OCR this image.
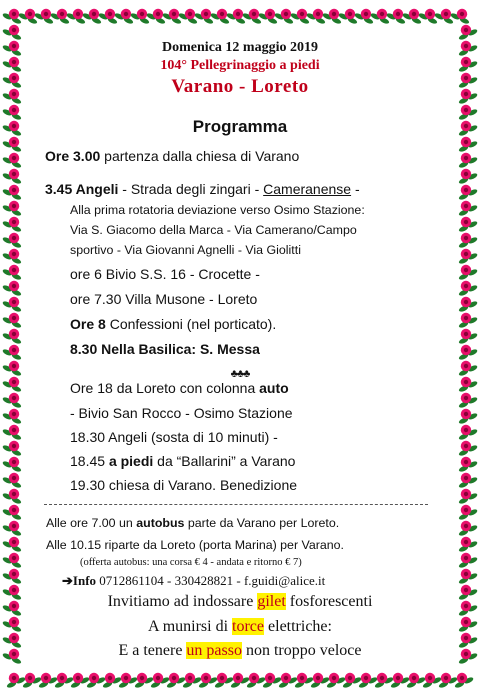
Domenica 12 maggio 2019
104° Pellegrinaggio a piedi
Varano - Loreto
Programma
Ore 3.00 partenza dalla chiesa di Varano
3.45 Angeli - Strada degli zingari - Cameranense -
Alla prima rotatoria deviazione verso Osimo Stazione:
Via S. Giacomo della Marca - Via Camerano/Campo
sportivo - Via Giovanni Agnelli - Via Giolitti
ore 6 Bivio S.S. 16 - Crocette -
ore 7.30 Villa Musone - Loreto
Ore 8 Confessioni (nel porticato).
8.30 Nella Basilica: S. Messa
♣♣♣
Ore 18 da Loreto con colonna auto
- Bivio San Rocco - Osimo Stazione
18.30 Angeli (sosta di 10 minuti) -
18.45 a piedi da “Ballarini” a Varano
19.30 chiesa di Varano. Benedizione
Alle ore 7.00 un autobus parte da Varano per Loreto.
Alle 10.15 riparte da Loreto (porta Marina) per Varano.
(offerta autobus: una corsa € 4 - andata e ritorno € 7)
➔Info 0712861104 - 330428821 - f.guidi@alice.it
Invitiamo ad indossare gilet fosforescenti
A munirsi di torce elettriche:
E a tenere un passo non troppo veloce
